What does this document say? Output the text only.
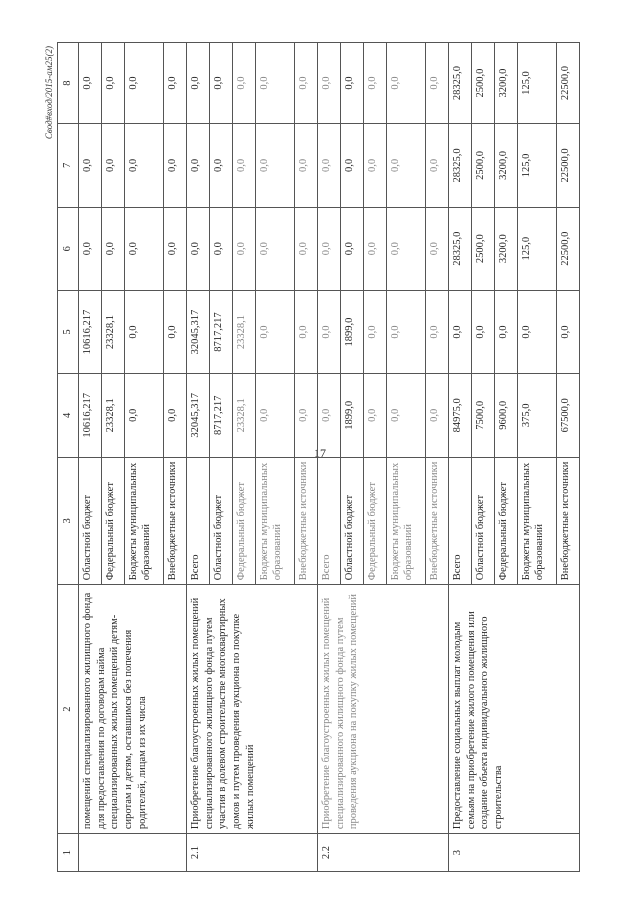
17
Свод#вход/2015-ам25(2)
1	2	3	4	5	6	7	8
	помещений специализированного жилищного фонда для предоставления по договорам найма специализированных жилых помещений детям-сиротам и детям, оставшимся без попечения родителей, лицам из их числа	Областной бюджет	10616,217	10616,217	0,0	0,0	0,0
		Федеральный бюджет	23328,1	23328,1	0,0	0,0	0,0
		Бюджеты муниципальных образований	0,0	0,0	0,0	0,0	0,0
		Внебюджетные источники	0,0	0,0	0,0	0,0	0,0
2.1	Приобретение благоустроенных жилых помещений специализированного жилищного фонда путем участия в долевом строительстве многоквартирных домов и путем проведения аукциона по покупке жилых помещений	Всего	32045,317	32045,317	0,0	0,0	0,0
		Областной бюджет	8717,217	8717,217	0,0	0,0	0,0
		Федеральный бюджет	23328,1	23328,1	0,0	0,0	0,0
		Бюджеты муниципальных образований	0,0	0,0	0,0	0,0	0,0
		Внебюджетные источники	0,0	0,0	0,0	0,0	0,0
2.2	Приобретение благоустроенных жилых помещений специализированного жилищного фонда путем проведения аукциона на покупку жилых помещений	Всего	0,0	0,0	0,0	0,0	0,0
		Областной бюджет	1899,0	1899,0	0,0	0,0	0,0
		Федеральный бюджет	0,0	0,0	0,0	0,0	0,0
		Бюджеты муниципальных образований	0,0	0,0	0,0	0,0	0,0
		Внебюджетные источники	0,0	0,0	0,0	0,0	0,0
3	Предоставление социальных выплат молодым семьям на приобретение жилого помещения или создание объекта индивидуального жилищного строительства	Всего	84975,0	0,0	28325,0	28325,0	28325,0
		Областной бюджет	7500,0	0,0	2500,0	2500,0	2500,0
		Федеральный бюджет	9600,0	0,0	3200,0	3200,0	3200,0
		Бюджеты муниципальных образований	375,0	0,0	125,0	125,0	125,0
		Внебюджетные источники	67500,0	0,0	22500,0	22500,0	22500,0
